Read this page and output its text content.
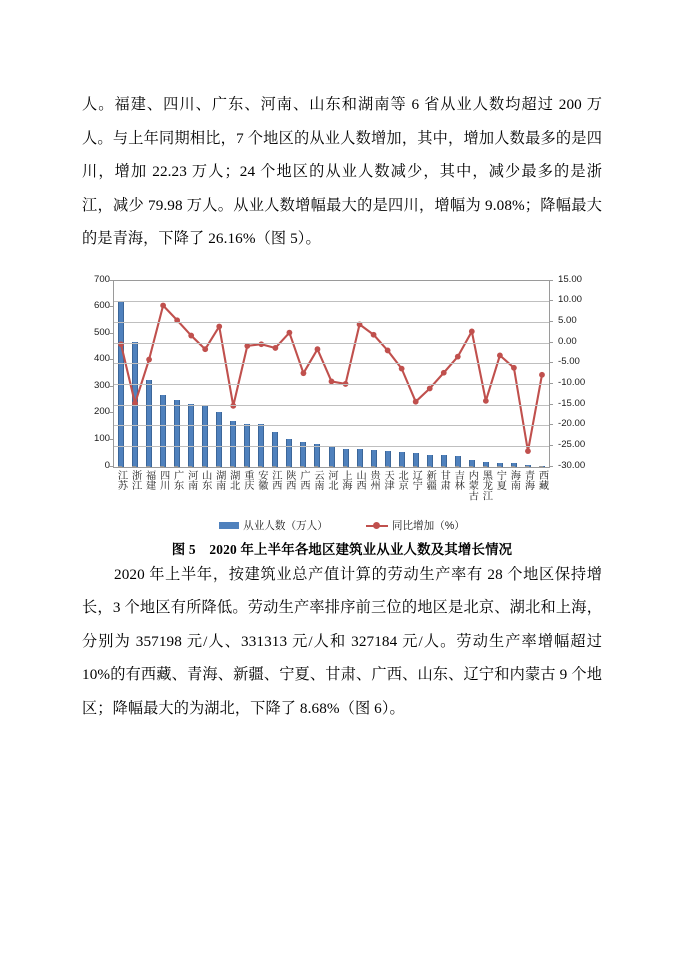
人。福建、四川、广东、河南、山东和湖南等 6 省从业人数均超过 200 万人。与上年同期相比，7 个地区的从业人数增加，其中，增加人数最多的是四川，增加 22.23 万人；24 个地区的从业人数减少，其中，减少最多的是浙江，减少 79.98 万人。从业人数增幅最大的是四川，增幅为 9.08%；降幅最大的是青海，下降了 26.16%（图 5）。

江苏 浙江 福建 四川 广东 河南 山东 湖南 湖北 重庆 安徽 江西 陕西 广西 云南 河北 上海 山西 贵州 天津 北京 辽宁 新疆 甘肃 吉林 内蒙古 黑龙江 宁夏 海南 青海 西藏
从业人数（万人）	同比增加（%）
0
100
200
300
400
500
600
700	15.00
10.00
5.00
0.00
-5.00
-10.00
-15.00
-20.00
-25.00
-30.00
图 5　2020 年上半年各地区建筑业从业人数及其增长情况

2020 年上半年，按建筑业总产值计算的劳动生产率有 28 个地区保持增长，3 个地区有所降低。劳动生产率排序前三位的地区是北京、湖北和上海，分别为 357198 元/人、331313 元/人和 327184 元/人。劳动生产率增幅超过 10%的有西藏、青海、新疆、宁夏、甘肃、广西、山东、辽宁和内蒙古 9 个地区；降幅最大的为湖北，下降了 8.68%（图 6）。
